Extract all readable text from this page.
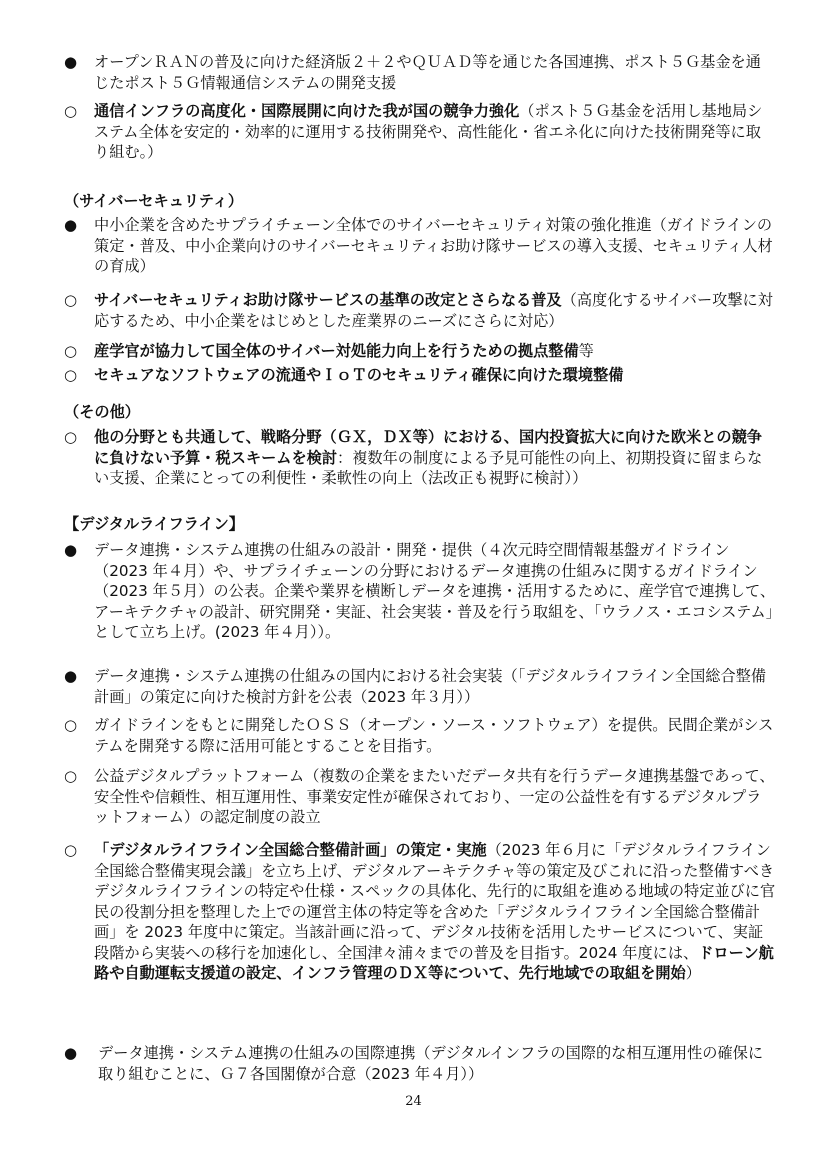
●	オープンＲＡＮの普及に向けた経済版２＋２やＱＵＡＤ等を通じた各国連携、ポスト５Ｇ基金を通じたポスト５Ｇ情報通信システムの開発支援
○	通信インフラの高度化・国際展開に向けた我が国の競争力強化（ポスト５Ｇ基金を活用し基地局システム全体を安定的・効率的に運用する技術開発や、高性能化・省エネ化に向けた技術開発等に取り組む。）
（サイバーセキュリティ）
●	中小企業を含めたサプライチェーン全体でのサイバーセキュリティ対策の強化推進（ガイドラインの策定・普及、中小企業向けのサイバーセキュリティお助け隊サービスの導入支援、セキュリティ人材の育成）
○	サイバーセキュリティお助け隊サービスの基準の改定とさらなる普及（高度化するサイバー攻撃に対応するため、中小企業をはじめとした産業界のニーズにさらに対応）
○	産学官が協力して国全体のサイバー対処能力向上を行うための拠点整備等
○	セキュアなソフトウェアの流通やＩｏＴのセキュリティ確保に向けた環境整備
（その他）
○	他の分野とも共通して、戦略分野（ＧＸ，ＤＸ等）における、国内投資拡大に向けた欧米との競争に負けない予算・税スキームを検討：複数年の制度による予見可能性の向上、初期投資に留まらない支援、企業にとっての利便性・柔軟性の向上（法改正も視野に検討））
【デジタルライフライン】
●	データ連携・システム連携の仕組みの設計・開発・提供（４次元時空間情報基盤ガイドライン（2023 年４月）や、サプライチェーンの分野におけるデータ連携の仕組みに関するガイドライン（2023 年５月）の公表。企業や業界を横断しデータを連携・活用するために、産学官で連携して、アーキテクチャの設計、研究開発・実証、社会実装・普及を行う取組を、「ウラノス・エコシステム」として立ち上げ。(2023 年４月））。
●	データ連携・システム連携の仕組みの国内における社会実装（「デジタルライフライン全国総合整備計画」の策定に向けた検討方針を公表（2023 年３月））
○	ガイドラインをもとに開発したＯＳＳ（オープン・ソース・ソフトウェア）を提供。民間企業がシステムを開発する際に活用可能とすることを目指す。
○	公益デジタルプラットフォーム（複数の企業をまたいだデータ共有を行うデータ連携基盤であって、安全性や信頼性、相互運用性、事業安定性が確保されており、一定の公益性を有するデジタルプラットフォーム）の認定制度の設立
○	「デジタルライフライン全国総合整備計画」の策定・実施（2023 年６月に「デジタルライフライン全国総合整備実現会議」を立ち上げ、デジタルアーキテクチャ等の策定及びこれに沿った整備すべきデジタルライフラインの特定や仕様・スペックの具体化、先行的に取組を進める地域の特定並びに官民の役割分担を整理した上での運営主体の特定等を含めた「デジタルライフライン全国総合整備計画」を 2023 年度中に策定。当該計画に沿って、デジタル技術を活用したサービスについて、実証段階から実装への移行を加速化し、全国津々浦々までの普及を目指す。2024 年度には、ドローン航路や自動運転支援道の設定、インフラ管理のＤＸ等について、先行地域での取組を開始）
●	データ連携・システム連携の仕組みの国際連携（デジタルインフラの国際的な相互運用性の確保に取り組むことに、Ｇ７各国閣僚が合意（2023 年４月））
24
